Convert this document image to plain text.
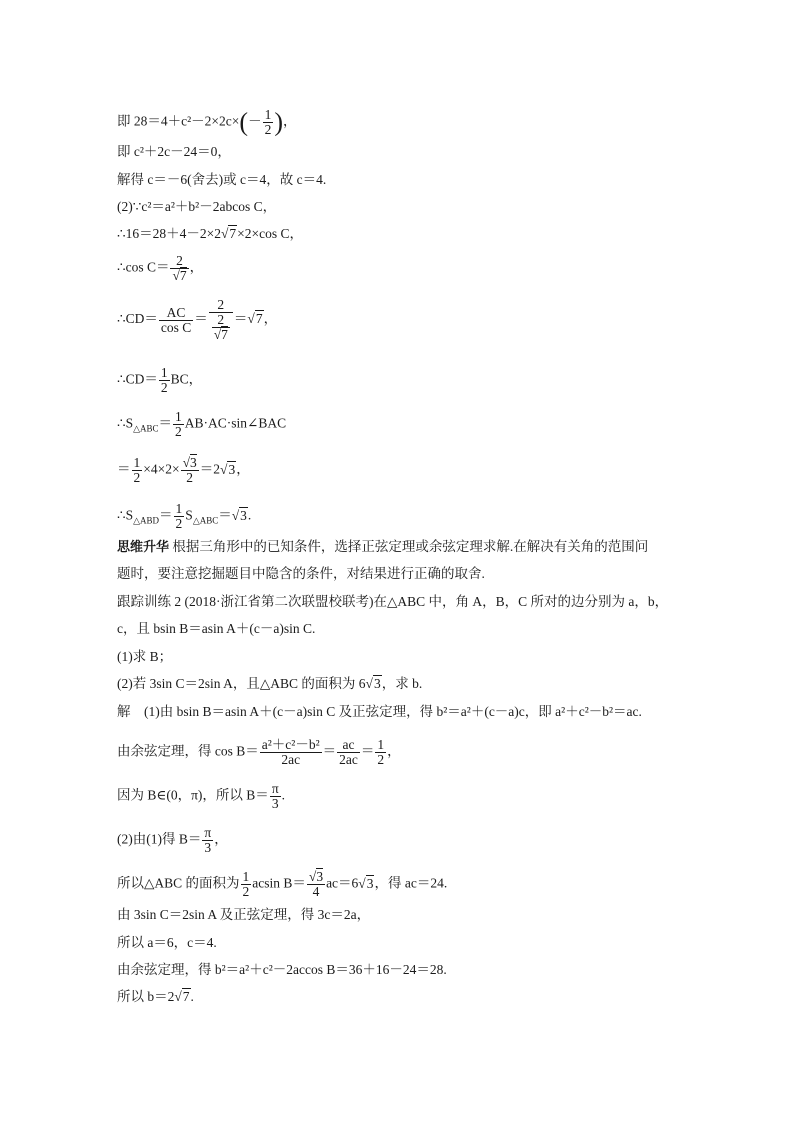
即 $28=4+c^2-2\times 2c\times(- \frac{1}{2}$ )，
即 c²＋2c－24＝0，
解得 c＝－6(舍去)或 c＝4，故 c＝4.
(2)∵c²＝a²＋b²－2abcos C，
∴16＝28＋4－2×2√7×2×cos C，
∴cos $C= \frac{2}{√7}$ ，
∴CD＝ $\frac{AC}{\text{cos C}} = \frac{2}{\frac{2}{√7}} =√7$，
∴CD＝ $\frac{1}{2}$ BC，
$\therefore S_{\triangle ABC}= \frac{1}{2}$ AB·AC·sin∠BAC
＝ $\frac{1}{2} \times 4\times 2\times \frac{√3}{2} =2√3$，
$\therefore S_{\triangle ABD}= \frac{1}{2} S_{\triangle ABC}=√3$.
思维升华 根据三角形中的已知条件，选择正弦定理或余弦定理求解.在解决有关角的范围问
题时，要注意挖掘题目中隐含的条件，对结果进行正确的取舍.
跟踪训练 2 (2018·浙江省第二次联盟校联考)在△ABC 中，角 A，B，C 所对的边分别为 a，b，
c，且 bsin B＝asin A＋(c－a)sin C.
(1)求 B；
(2)若 3sin C＝2sin A，且△ABC 的面积为 6√3，求 b.
解　(1)由 bsin B＝asin A＋(c－a)sin C 及正弦定理，得 b²＝a²＋(c－a)c，即 a²＋c²－b²＝ac.
由余弦定理，得 $\cos B= \frac{\text{a²＋c²－b²}}{2ac} = \frac{ac}{2ac} = \frac{1}{2}$ ，
因为 B∈(0，π)，所以 $B= \frac{\pi}{3}$ .
(2)由(1)得 $B= \frac{\pi}{3}$ ，
所以△ABC 的面积为 $\frac{1}{2}$ acsin $B= \frac{√3}{4} ac=6√3$，得 ac＝24.
由 3sin C＝2sin A 及正弦定理，得 3c＝2a，
所以 a＝6，c＝4.
由余弦定理，得 b²＝a²＋c²－2accos B＝36＋16－24＝28.
所以 b＝2√7.
